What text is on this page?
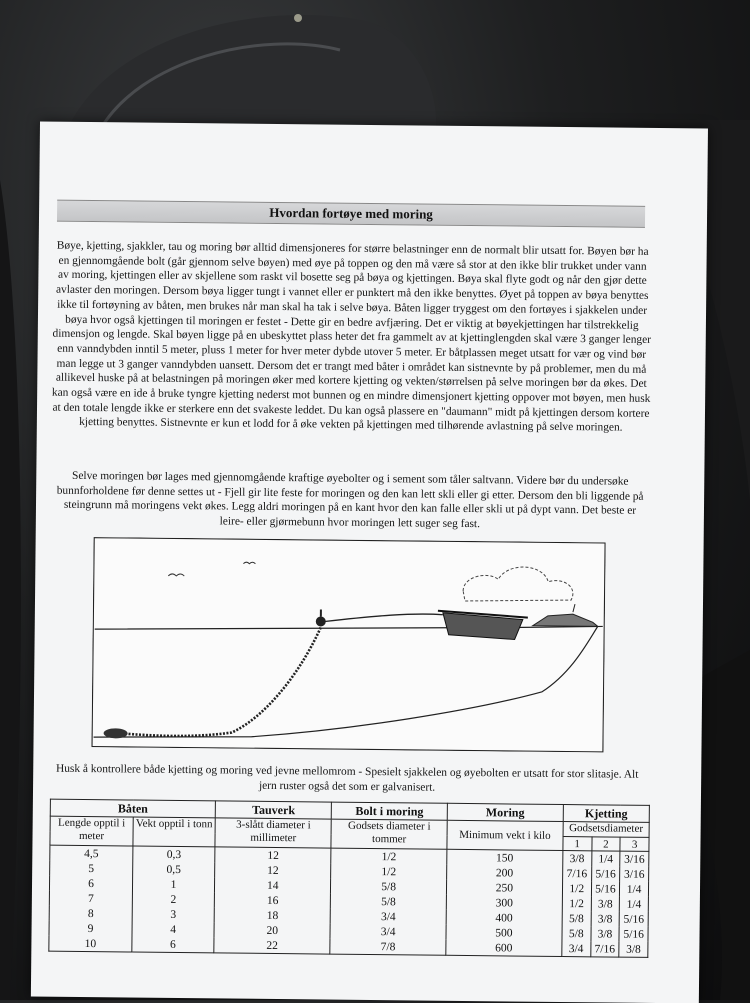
Hvordan fortøye med moring

Bøye, kjetting, sjakkler, tau og moring bør alltid dimensjoneres for større belastninger enn de normalt blir utsatt for. Bøyen bør ha en gjennomgående bolt (går gjennom selve bøyen) med øye på toppen og den må være så stor at den ikke blir trukket under vann av moring, kjettingen eller av skjellene som raskt vil bosette seg på bøya og kjettingen. Bøya skal flyte godt og når den gjør dette avlaster den moringen. Dersom bøya ligger tungt i vannet eller er punktert må den ikke benyttes. Øyet på toppen av bøya benyttes ikke til fortøyning av båten, men brukes når man skal ha tak i selve bøya. Båten ligger tryggest om den fortøyes i sjakkelen under bøya hvor også kjettingen til moringen er festet - Dette gir en bedre avfjæring. Det er viktig at bøyekjettingen har tilstrekkelig dimensjon og lengde. Skal bøyen ligge på en ubeskyttet plass heter det fra gammelt av at kjettinglengden skal være 3 ganger lenger enn vanndybden inntil 5 meter, pluss 1 meter for hver meter dybde utover 5 meter. Er båtplassen meget utsatt for vær og vind bør man legge ut 3 ganger vanndybden uansett. Dersom det er trangt med båter i området kan sistnevnte by på problemer, men du må allikevel huske på at belastningen på moringen øker med kortere kjetting og vekten/størrelsen på selve moringen bør da økes. Det kan også være en ide å bruke tyngre kjetting nederst mot bunnen og en mindre dimensjonert kjetting oppover mot bøyen, men husk at den totale lengde ikke er sterkere enn det svakeste leddet. Du kan også plassere en "daumann" midt på kjettingen dersom kortere kjetting benyttes. Sistnevnte er kun et lodd for å øke vekten på kjettingen med tilhørende avlastning på selve moringen.

Selve moringen bør lages med gjennomgående kraftige øyebolter og i sement som tåler saltvann. Videre bør du undersøke bunnforholdene før denne settes ut - Fjell gir lite feste for moringen og den kan lett skli eller gi etter. Dersom den bli liggende på steingrunn må moringens vekt økes. Legg aldri moringen på en kant hvor den kan falle eller skli ut på dypt vann. Det beste er leire- eller gjørmebunn hvor moringen lett suger seg fast.

Husk å kontrollere både kjetting og moring ved jevne mellomrom - Spesielt sjakkelen og øyebolten er utsatt for stor slitasje. Alt jern ruster også det som er galvanisert.

Båten		Tauverk	Bolt i moring	Moring	Kjetting		
Lengde opptil i meter	Vekt opptil i tonn	3-slått diameter i millimeter	Godsets diameter i tommer	Minimum vekt i kilo	Godsetsdiameter		
					1	2	3
4,5	0,3	12	1/2	150	3/8	1/4	3/16
5	0,5	12	1/2	200	7/16	5/16	3/16
6	1	14	5/8	250	1/2	5/16	1/4
7	2	16	5/8	300	1/2	3/8	1/4
8	3	18	3/4	400	5/8	3/8	5/16
9	4	20	3/4	500	5/8	3/8	5/16
10	6	22	7/8	600	3/4	7/16	3/8
